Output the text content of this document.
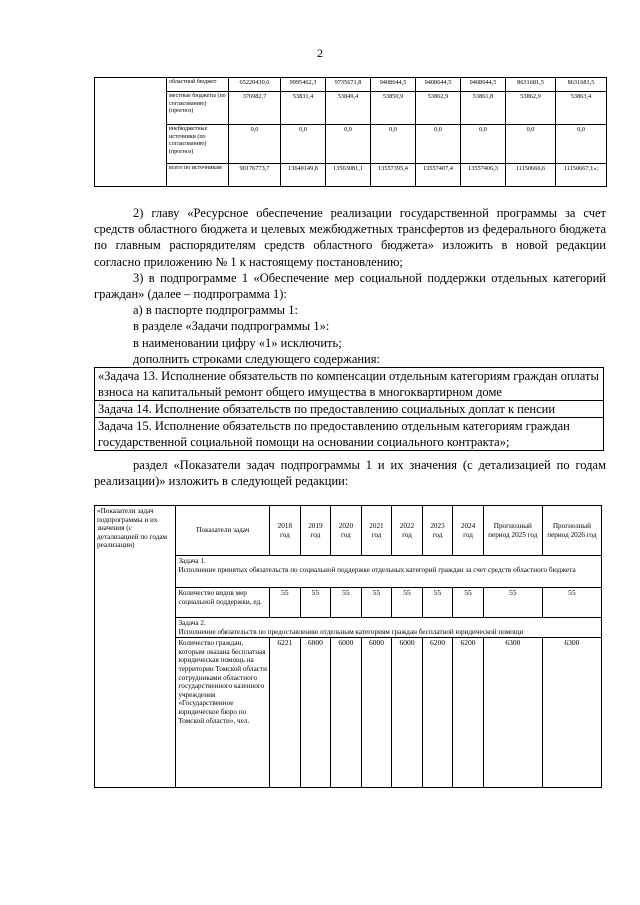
2
	областной бюджет	65220430,6	9995462,3	9735671,8	9408644,5	9408644,5	9408644,5	8631681,5	8631681,5
	местные бюджеты (по согласованию) (прогноз)	376982,7	53831,4	53849,4	53850,9	53862,9	53861,8	53862,9	53863,4
	внебюджетные источники (по согласованию) (прогноз)	0,0	0,0	0,0	0,0	0,0	0,0	0,0	0,0
	всего по источникам	90176773,7	13640149,8	13563081,1	13557395,4	13557407,4	13557406,3	11150666,6	11150667,1»;

2) главу «Ресурсное обеспечение реализации государственной программы за счет средств областного бюджета и целевых межбюджетных трансфертов из федерального бюджета по главным распорядителям средств областного бюджета» изложить в новой редакции согласно приложению № 1 к настоящему постановлению;

3) в подпрограмме 1 «Обеспечение мер социальной поддержки отдельных категорий граждан» (далее – подпрограмма 1):

а) в паспорте подпрограммы 1:

в разделе «Задачи подпрограммы 1»:

в наименовании цифру «1» исключить;

дополнить строками следующего содержания:

«Задача 13. Исполнение обязательств по компенсации отдельным категориям граждан оплаты взноса на капитальный ремонт общего имущества в многоквартирном доме
Задача 14. Исполнение обязательств по предоставлению социальных доплат к пенсии
Задача 15. Исполнение обязательств по предоставлению отдельным категориям граждан государственной социальной помощи на основании социального контракта»;

раздел «Показатели задач подпрограммы 1 и их значения (с детализацией по годам реализации)» изложить в следующей редакции:

«Показатели задач подпрограммы и их значения (с детализацией по годам реализации)	Показатели задач	2018 год	2019 год	2020 год	2021 год	2022 год	2023 год	2024 год	Прогнозный период 2025 год	Прогнозный период 2026 год

	Задача 1.
Исполнение принятых обязательств по социальной поддержке отдельных категорий граждан за счет средств областного бюджета									

	Количество видов мер социальной поддержки, ед.	55	55	55	55	55	55	55	55	55

	Задача 2.
Исполнение обязательств по предоставлению отдельным категориям граждан бесплатной юридической помощи									

	Количество граждан, которым оказана бесплатная юридическая помощь на территории Томской области сотрудниками областного государственного казенного учреждения «Государственное юридическое бюро по Томской области», чел.	6221	6000	6000	6000	6000	6200	6200	6300	6300
